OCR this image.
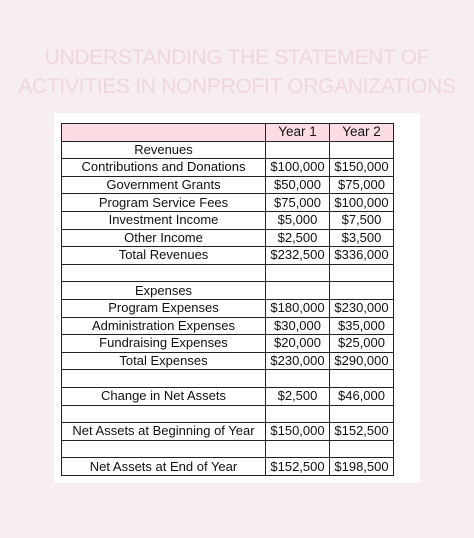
UNDERSTANDING THE STATEMENT OF
ACTIVITIES IN NONPROFIT ORGANIZATIONS
	Year 1	Year 2
Revenues		
Contributions and Donations	$100,000	$150,000
Government Grants	$50,000	$75,000
Program Service Fees	$75,000	$100,000
Investment Income	$5,000	$7,500
Other Income	$2,500	$3,500
Total Revenues	$232,500	$336,000

Expenses		
Program Expenses	$180,000	$230,000
Administration Expenses	$30,000	$35,000
Fundraising Expenses	$20,000	$25,000
Total Expenses	$230,000	$290,000

Change in Net Assets	$2,500	$46,000

Net Assets at Beginning of Year	$150,000	$152,500

Net Assets at End of Year	$152,500	$198,500
